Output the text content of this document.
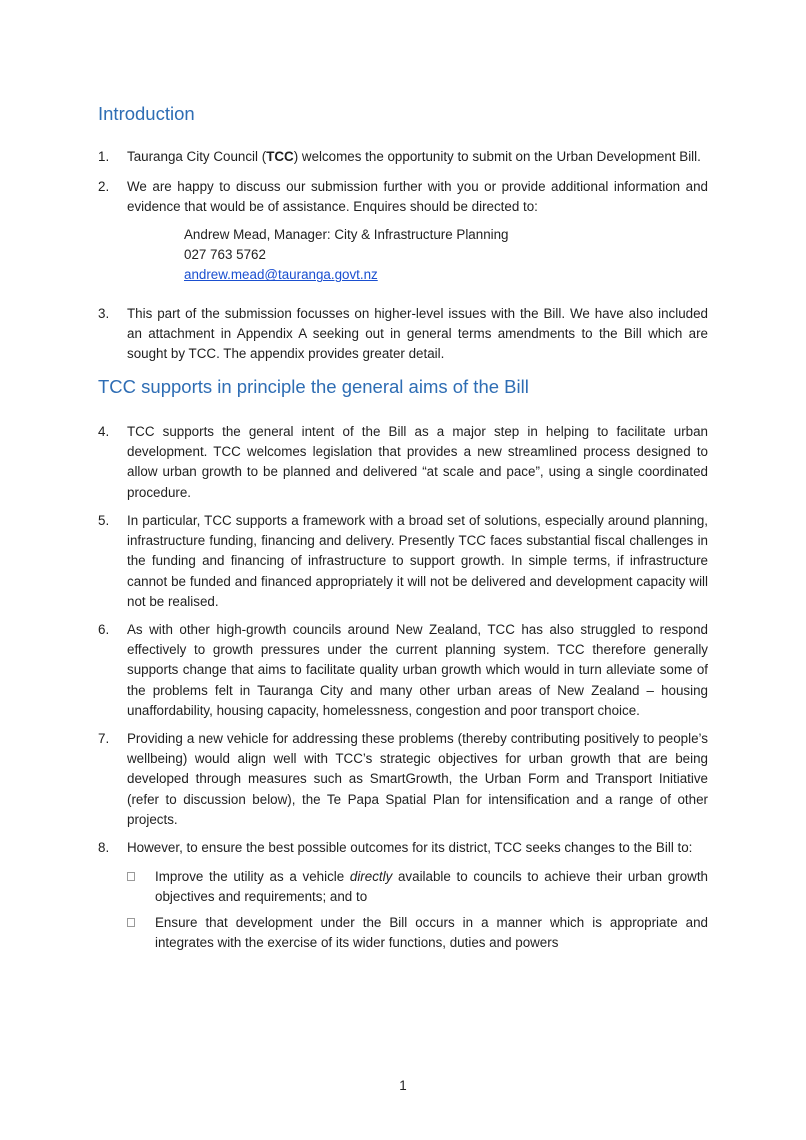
Introduction
1.	Tauranga City Council (TCC) welcomes the opportunity to submit on the Urban Development Bill.
2.	We are happy to discuss our submission further with you or provide additional information and evidence that would be of assistance. Enquires should be directed to:
Andrew Mead, Manager: City & Infrastructure Planning
027 763 5762
andrew.mead@tauranga.govt.nz
3.	This part of the submission focusses on higher-level issues with the Bill. We have also included an attachment in Appendix A seeking out in general terms amendments to the Bill which are sought by TCC. The appendix provides greater detail.
TCC supports in principle the general aims of the Bill
4.	TCC supports the general intent of the Bill as a major step in helping to facilitate urban development. TCC welcomes legislation that provides a new streamlined process designed to allow urban growth to be planned and delivered “at scale and pace”, using a single coordinated procedure.
5.	In particular, TCC supports a framework with a broad set of solutions, especially around planning, infrastructure funding, financing and delivery. Presently TCC faces substantial fiscal challenges in the funding and financing of infrastructure to support growth. In simple terms, if infrastructure cannot be funded and financed appropriately it will not be delivered and development capacity will not be realised.
6.	As with other high-growth councils around New Zealand, TCC has also struggled to respond effectively to growth pressures under the current planning system. TCC therefore generally supports change that aims to facilitate quality urban growth which would in turn alleviate some of the problems felt in Tauranga City and many other urban areas of New Zealand – housing unaffordability, housing capacity, homelessness, congestion and poor transport choice.
7.	Providing a new vehicle for addressing these problems (thereby contributing positively to people’s wellbeing) would align well with TCC’s strategic objectives for urban growth that are being developed through measures such as SmartGrowth, the Urban Form and Transport Initiative (refer to discussion below), the Te Papa Spatial Plan for intensification and a range of other projects.
8.	However, to ensure the best possible outcomes for its district, TCC seeks changes to the Bill to:
Improve the utility as a vehicle directly available to councils to achieve their urban growth objectives and requirements; and to
Ensure that development under the Bill occurs in a manner which is appropriate and integrates with the exercise of its wider functions, duties and powers
1
